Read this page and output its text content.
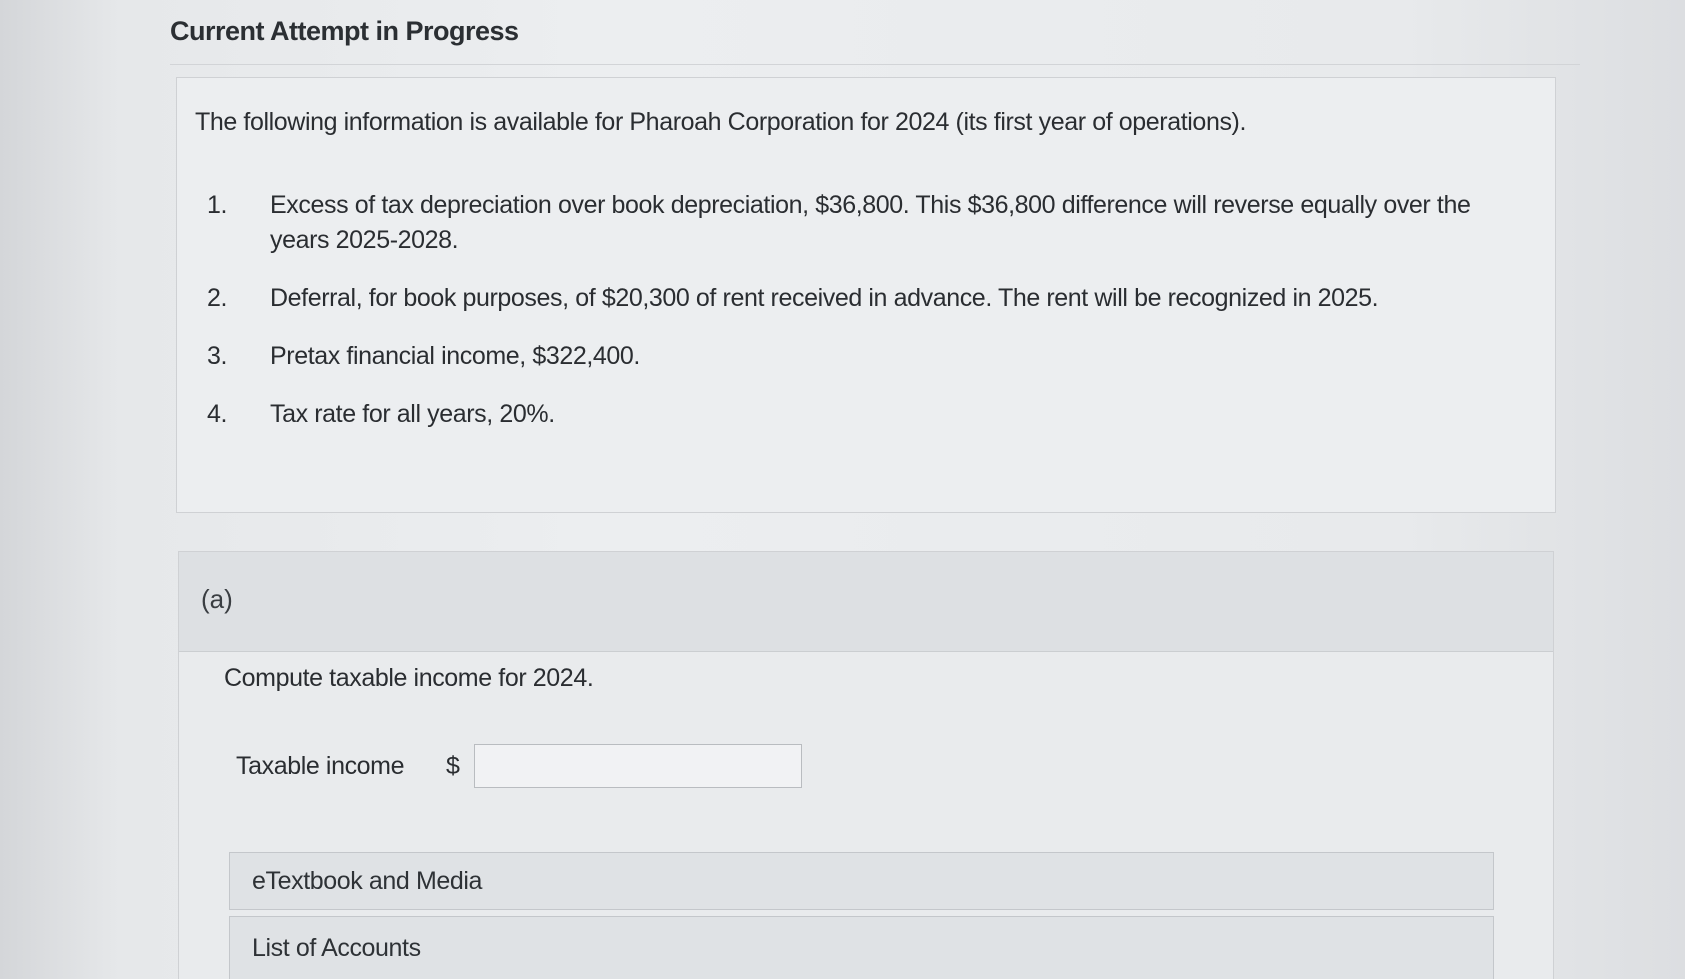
Current Attempt in Progress
The following information is available for Pharoah Corporation for 2024 (its first year of operations).
1.	Excess of tax depreciation over book depreciation, $36,800. This $36,800 difference will reverse equally over the years 2025-2028.
2.	Deferral, for book purposes, of $20,300 of rent received in advance. The rent will be recognized in 2025.
3.	Pretax financial income, $322,400.
4.	Tax rate for all years, 20%.
(a)
Compute taxable income for 2024.
Taxable income	$
eTextbook and Media
List of Accounts
